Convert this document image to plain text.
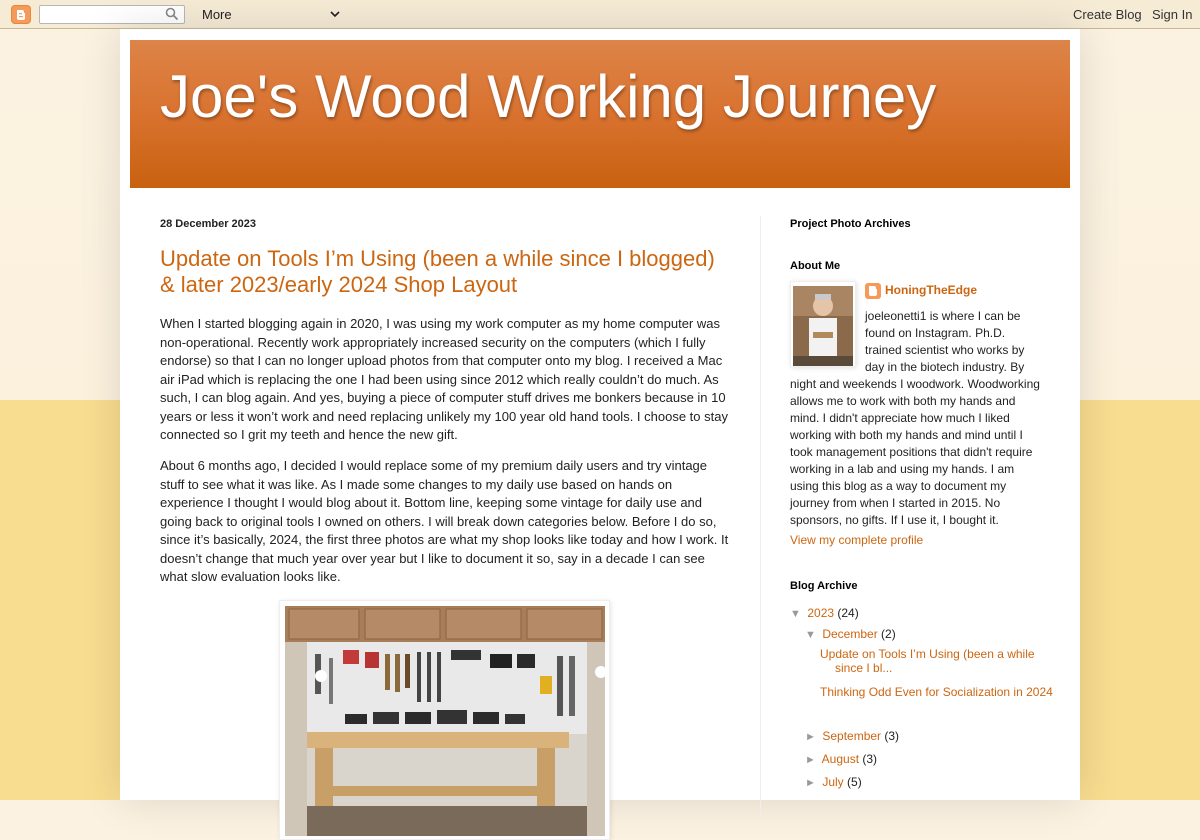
More	Create Blog Sign In
Joe's Wood Working Journey
28 December 2023
Update on Tools I’m Using (been a while since I blogged) & later 2023/early 2024 Shop Layout

When I started blogging again in 2020, I was using my work computer as my home computer was non-operational. Recently work appropriately increased security on the computers (which I fully endorse) so that I can no longer upload photos from that computer onto my blog. I received a Mac air iPad which is replacing the one I had been using since 2012 which really couldn’t do much. As such, I can blog again. And yes, buying a piece of computer stuff drives me bonkers because in 10 years or less it won’t work and need replacing unlikely my 100 year old hand tools. I choose to stay connected so I grit my teeth and hence the new gift.

About 6 months ago, I decided I would replace some of my premium daily users and try vintage stuff to see what it was like. As I made some changes to my daily use based on hands on experience I thought I would blog about it. Bottom line, keeping some vintage for daily use and going back to original tools I owned on others. I will break down categories below. Before I do so, since it’s basically, 2024, the first three photos are what my shop looks like today and how I work. It doesn’t change that much year over year but I like to document it so, say in a decade I can see what slow evaluation looks like.

Project Photo Archives
About Me
HoningTheEdge
joeleonetti1 is where I can be found on Instagram. Ph.D. trained scientist who works by day in the biotech industry. By night and weekends I woodwork. Woodworking allows me to work with both my hands and mind. I didn't appreciate how much I liked working with both my hands and mind until I took management positions that didn't require working in a lab and using my hands. I am using this blog as a way to document my journey from when I started in 2015. No sponsors, no gifts. If I use it, I bought it.
View my complete profile
Blog Archive
▼ 2023 (24)
▼ December (2)
Update on Tools I’m Using (been a while since I bl...
Thinking Odd Even for Socialization in 2024
► September (3)
► August (3)
► July (5)
